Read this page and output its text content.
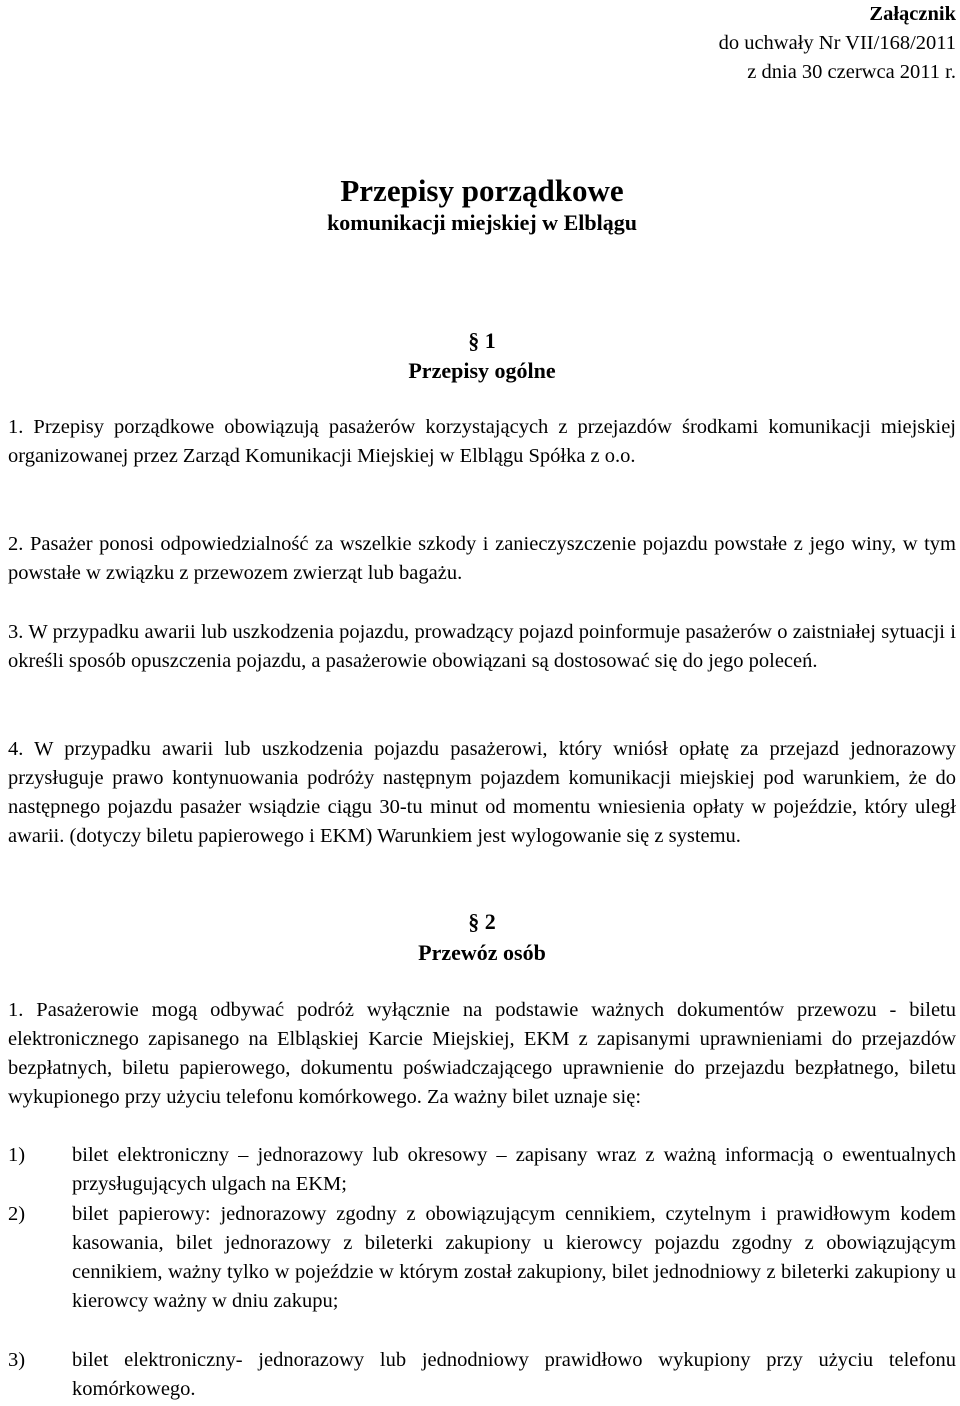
Załącznik
do uchwały Nr VII/168/2011
z dnia 30 czerwca 2011 r.
Przepisy porządkowe
komunikacji miejskiej w Elblągu
§ 1
Przepisy ogólne
1. Przepisy porządkowe obowiązują pasażerów korzystających z przejazdów środkami komunikacji miejskiej organizowanej przez Zarząd Komunikacji Miejskiej w Elblągu Spółka z o.o.
2. Pasażer ponosi odpowiedzialność za wszelkie szkody i zanieczyszczenie pojazdu powstałe z jego winy, w tym powstałe w związku z przewozem zwierząt lub bagażu.
3. W przypadku awarii lub uszkodzenia pojazdu, prowadzący pojazd poinformuje pasażerów o zaistniałej sytuacji i określi sposób opuszczenia pojazdu, a pasażerowie obowiązani są dostosować się do jego poleceń.
4. W przypadku awarii lub uszkodzenia pojazdu pasażerowi, który wniósł opłatę za przejazd jednorazowy przysługuje prawo kontynuowania podróży następnym pojazdem komunikacji miejskiej pod warunkiem, że do następnego pojazdu pasażer wsiądzie ciągu 30-tu minut od momentu wniesienia opłaty w pojeździe, który uległ awarii. (dotyczy biletu papierowego i EKM) Warunkiem jest wylogowanie się z systemu.
§ 2
Przewóz osób
1. Pasażerowie mogą odbywać podróż wyłącznie na podstawie ważnych dokumentów przewozu - biletu elektronicznego zapisanego na Elbląskiej Karcie Miejskiej, EKM z zapisanymi uprawnieniami do przejazdów bezpłatnych, biletu papierowego, dokumentu poświadczającego uprawnienie do przejazdu bezpłatnego, biletu wykupionego przy użyciu telefonu komórkowego. Za ważny bilet uznaje się:
1)	bilet elektroniczny – jednorazowy lub okresowy – zapisany wraz z ważną informacją o ewentualnych przysługujących ulgach na EKM;
2)	bilet papierowy: jednorazowy zgodny z obowiązującym cennikiem, czytelnym i prawidłowym kodem kasowania, bilet jednorazowy z bileterki zakupiony u kierowcy pojazdu zgodny z obowiązującym cennikiem, ważny tylko w pojeździe w którym został zakupiony, bilet jednodniowy z bileterki zakupiony u kierowcy ważny w dniu zakupu;
3)	bilet elektroniczny- jednorazowy lub jednodniowy prawidłowo wykupiony przy użyciu telefonu komórkowego.
